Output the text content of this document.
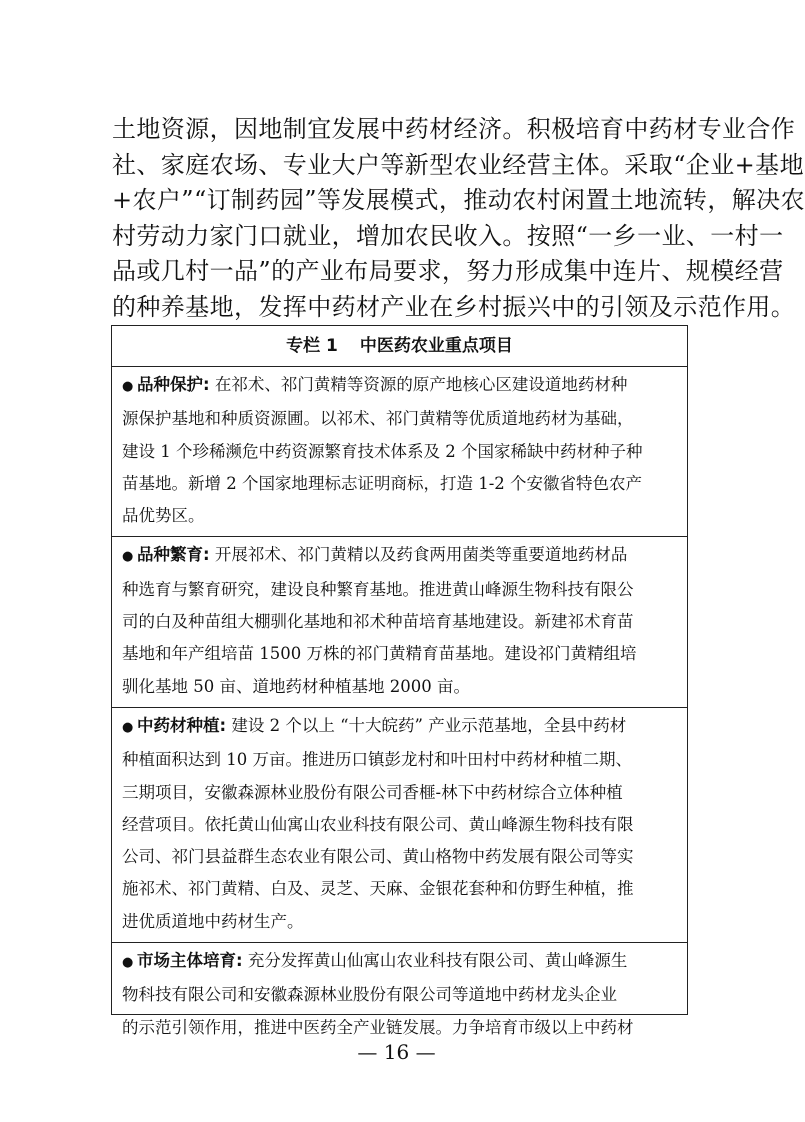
土地资源，因地制宜发展中药材经济。积极培育中药材专业合作
社、家庭农场、专业大户等新型农业经营主体。采取“企业+基地
+农户”“订制药园”等发展模式，推动农村闲置土地流转，解决农
村劳动力家门口就业，增加农民收入。按照“一乡一业、一村一
品或几村一品”的产业布局要求，努力形成集中连片、规模经营
的种养基地，发挥中药材产业在乡村振兴中的引领及示范作用。
专栏 1 中医药农业重点项目
● 品种保护: 在祁术、祁门黄精等资源的原产地核心区建设道地药材种
源保护基地和种质资源圃。以祁术、祁门黄精等优质道地药材为基础，
建设 1 个珍稀濒危中药资源繁育技术体系及 2 个国家稀缺中药材种子种
苗基地。新增 2 个国家地理标志证明商标，打造 1-2 个安徽省特色农产
品优势区。
● 品种繁育: 开展祁术、祁门黄精以及药食两用菌类等重要道地药材品
种选育与繁育研究，建设良种繁育基地。推进黄山峰源生物科技有限公
司的白及种苗组大棚驯化基地和祁术种苗培育基地建设。新建祁术育苗
基地和年产组培苗 1500 万株的祁门黄精育苗基地。建设祁门黄精组培
驯化基地 50 亩、道地药材种植基地 2000 亩。
● 中药材种植: 建设 2 个以上 “十大皖药” 产业示范基地，全县中药材
种植面积达到 10 万亩。推进历口镇彭龙村和叶田村中药材种植二期、
三期项目，安徽森源林业股份有限公司香榧-林下中药材综合立体种植
经营项目。依托黄山仙寓山农业科技有限公司、黄山峰源生物科技有限
公司、祁门县益群生态农业有限公司、黄山格物中药发展有限公司等实
施祁术、祁门黄精、白及、灵芝、天麻、金银花套种和仿野生种植，推
进优质道地中药材生产。
● 市场主体培育: 充分发挥黄山仙寓山农业科技有限公司、黄山峰源生
物科技有限公司和安徽森源林业股份有限公司等道地中药材龙头企业
的示范引领作用，推进中医药全产业链发展。力争培育市级以上中药材
— 16 —
